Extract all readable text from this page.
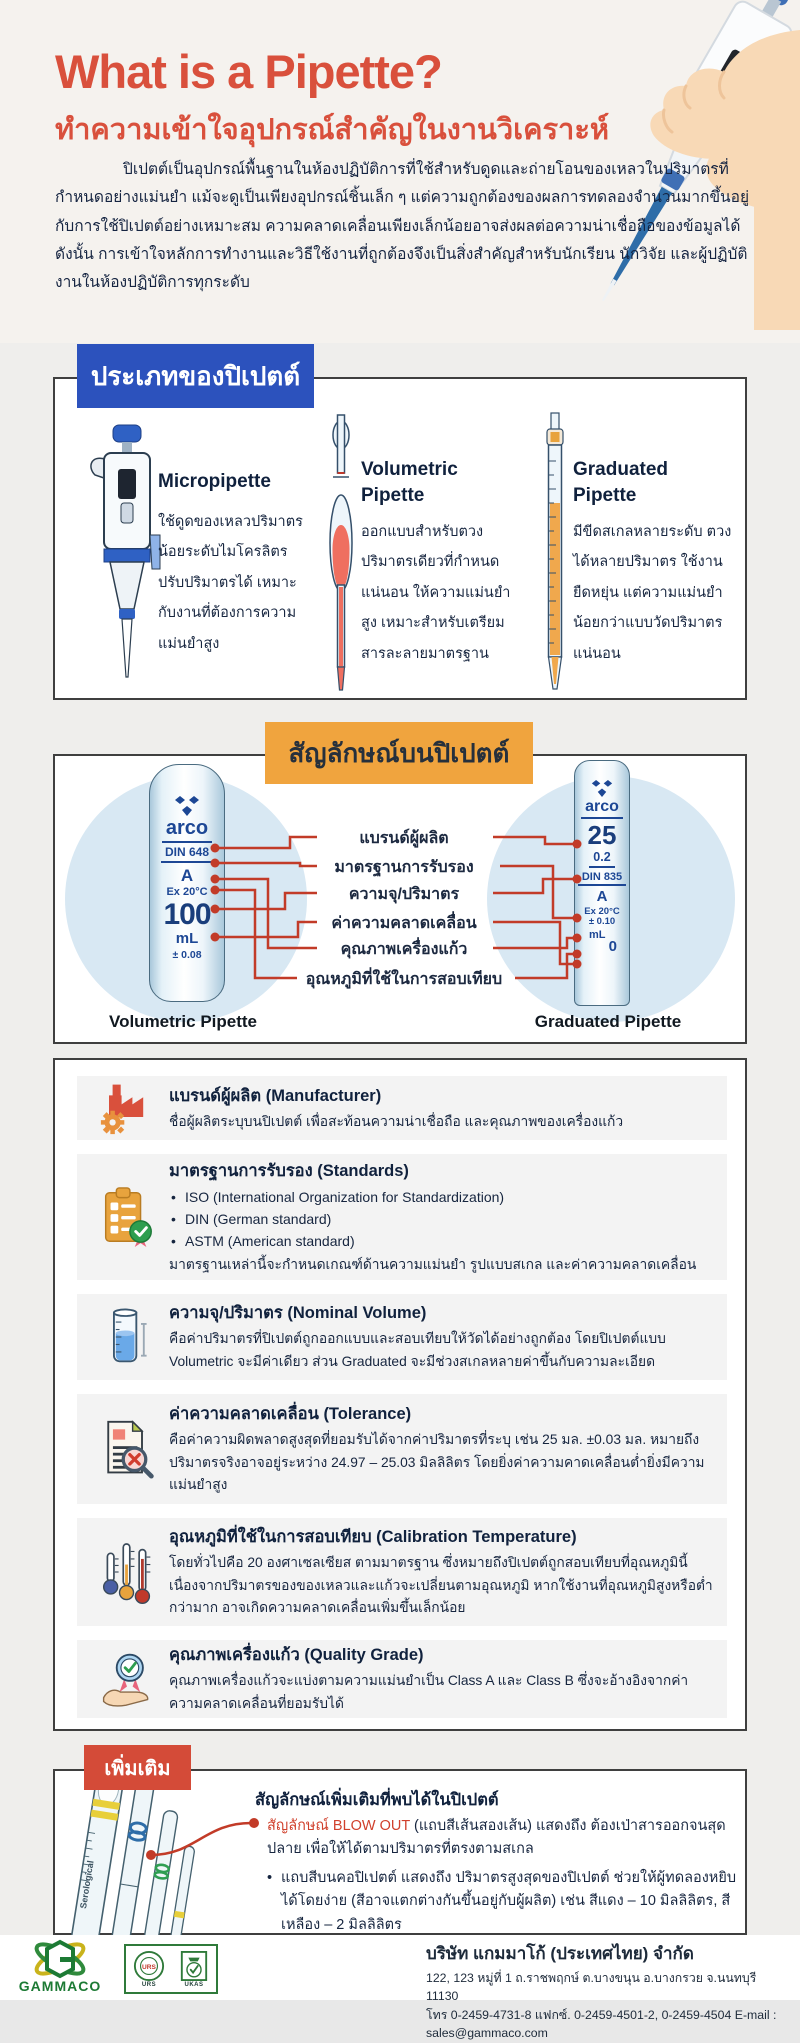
What is a Pipette?
ทำความเข้าใจอุปกรณ์สำคัญในงานวิเคราะห์
ปิเปตต์เป็นอุปกรณ์พื้นฐานในห้องปฏิบัติการที่ใช้สำหรับดูดและถ่ายโอนของเหลวในปริมาตรที่กำหนดอย่างแม่นยำ แม้จะดูเป็นเพียงอุปกรณ์ชิ้นเล็ก ๆ แต่ความถูกต้องของผลการทดลองจำนวนมากขึ้นอยู่กับการใช้ปิเปตต์อย่างเหมาะสม ความคลาดเคลื่อนเพียงเล็กน้อยอาจส่งผลต่อความน่าเชื่อถือของข้อมูลได้ ดังนั้น การเข้าใจหลักการทำงานและวิธีใช้งานที่ถูกต้องจึงเป็นสิ่งสำคัญสำหรับนักเรียน นักวิจัย และผู้ปฏิบัติงานในห้องปฏิบัติการทุกระดับ
Micropipette
Volumetric Pipette
Graduated Pipette
ใช้ดูดของเหลวปริมาตรน้อยระดับไมโครลิตร ปรับปริมาตรได้ เหมาะกับงานที่ต้องการความแม่นยำสูง
ออกแบบสำหรับตวงปริมาตรเดียวที่กำหนดแน่นอน ให้ความแม่นยำสูง เหมาะสำหรับเตรียมสารละลายมาตรฐาน
มีขีดสเกลหลายระดับ ตวงได้หลายปริมาตร ใช้งานยืดหยุ่น แต่ความแม่นยำน้อยกว่าแบบวัดปริมาตรแน่นอน
ประเภทของปิเปตต์
arco
DIN 648
A
Ex 20°C
100
mL
± 0.08
arco
25
0.2
DIN 835
A
Ex 20°C
± 0.10
mL
0
แบรนด์ผู้ผลิต
มาตรฐานการรับรอง
ความจุ/ปริมาตร
ค่าความคลาดเคลื่อน
คุณภาพเครื่องแก้ว
อุณหภูมิที่ใช้ในการสอบเทียบ
Volumetric Pipette	Graduated Pipette
สัญลักษณ์บนปิเปตต์
แบรนด์ผู้ผลิต (Manufacturer)
ชื่อผู้ผลิตระบุบนปิเปตต์ เพื่อสะท้อนความน่าเชื่อถือ และคุณภาพของเครื่องแก้ว
มาตรฐานการรับรอง (Standards)
• ISO (International Organization for Standardization)
• DIN (German standard)
• ASTM (American standard)
มาตรฐานเหล่านี้จะกำหนดเกณฑ์ด้านความแม่นยำ รูปแบบสเกล และค่าความคลาดเคลื่อน
ความจุ/ปริมาตร (Nominal Volume)
คือค่าปริมาตรที่ปิเปตต์ถูกออกแบบและสอบเทียบให้วัดได้อย่างถูกต้อง โดยปิเปตต์แบบ Volumetric จะมีค่าเดียว ส่วน Graduated จะมีช่วงสเกลหลายค่าขึ้นกับความละเอียด
ค่าความคลาดเคลื่อน (Tolerance)
คือค่าความผิดพลาดสูงสุดที่ยอมรับได้จากค่าปริมาตรที่ระบุ เช่น 25 มล. ±0.03 มล. หมายถึง ปริมาตรจริงอาจอยู่ระหว่าง 24.97 – 25.03 มิลลิลิตร โดยยิ่งค่าความคาดเคลื่อนต่ำยิ่งมีความแม่นยำสูง
อุณหภูมิที่ใช้ในการสอบเทียบ (Calibration Temperature)
โดยทั่วไปคือ 20 องศาเซลเซียส ตามมาตรฐาน ซึ่งหมายถึงปิเปตต์ถูกสอบเทียบที่อุณหภูมินี้ เนื่องจากปริมาตรของของเหลวและแก้วจะเปลี่ยนตามอุณหภูมิ หากใช้งานที่อุณหภูมิสูงหรือต่ำกว่ามาก อาจเกิดความคลาดเคลื่อนเพิ่มขึ้นเล็กน้อย
คุณภาพเครื่องแก้ว (Quality Grade)
คุณภาพเครื่องแก้วจะแบ่งตามความแม่นยำเป็น Class A และ Class B ซึ่งจะอ้างอิงจากค่าความคลาดเคลื่อนที่ยอมรับได้
Serological
สัญลักษณ์เพิ่มเติมที่พบได้ในปิเปตต์
สัญลักษณ์ BLOW OUT (แถบสีเส้นสองเส้น) แสดงถึง ต้องเป่าสารออกจนสุดปลาย เพื่อให้ได้ตามปริมาตรที่ตรงตามสเกล
• แถบสีบนคอปิเปตต์ แสดงถึง ปริมาตรสูงสุดของปิเปตต์ ช่วยให้ผู้ทดลองหยิบได้โดยง่าย (สีอาจแตกต่างกันขึ้นอยู่กับผู้ผลิต) เช่น สีแดง – 10 มิลลิลิตร, สีเหลือง – 2 มิลลิลิตร
เพิ่มเติม
GAMMACO
URS
URS	UKAS
บริษัท แกมมาโก้ (ประเทศไทย) จำกัด
122, 123 หมู่ที่ 1 ถ.ราชพฤกษ์ ต.บางขนุน อ.บางกรวย จ.นนทบุรี 11130
โทร 0-2459-4731-8 แฟกซ์. 0-2459-4501-2, 0-2459-4504 E-mail : sales@gammaco.com
